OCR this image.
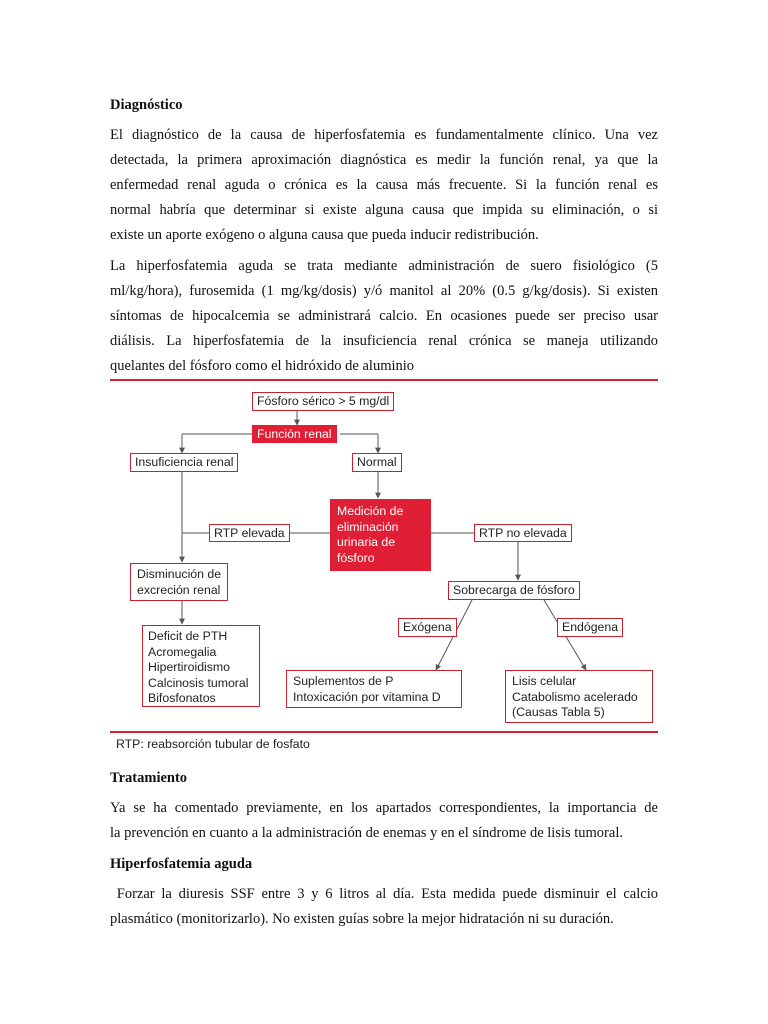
Diagnóstico
El diagnóstico de la causa de hiperfosfatemia es fundamentalmente clínico. Una vez
detectada, la primera aproximación diagnóstica es medir la función renal, ya que la
enfermedad renal aguda o crónica es la causa más frecuente. Si la función renal es
normal habría que determinar si existe alguna causa que impida su eliminación, o si
existe un aporte exógeno o alguna causa que pueda inducir redistribución.
La hiperfosfatemia aguda se trata mediante administración de suero fisiológico (5
ml/kg/hora), furosemida (1 mg/kg/dosis) y/ó manitol al 20% (0.5 g/kg/dosis). Si existen
síntomas de hipocalcemia se administrará calcio. En ocasiones puede ser preciso usar
diálisis. La hiperfosfatemia de la insuficiencia renal crónica se maneja utilizando
quelantes del fósforo como el hidróxido de aluminio
Fósforo sérico > 5 mg/dl
Función renal
Insuficiencia renal	Normal
Medición de
eliminación
urinaria de
fósforo
RTP elevada	RTP no elevada
Disminución de
excreción renal	Sobrecarga de fósforo
Deficit de PTH
Acromegalia
Hipertiroidismo
Calcinosis tumoral
Bifosfonatos
Exógena	Endógena
Suplementos de P
Intoxicación por vitamina D
Lisis celular
Catabolismo acelerado
(Causas Tabla 5)
RTP: reabsorción tubular de fosfato
Tratamiento
Ya se ha comentado previamente, en los apartados correspondientes, la importancia de
la prevención en cuanto a la administración de enemas y en el síndrome de lisis tumoral.
Hiperfosfatemia aguda
Forzar la diuresis SSF entre 3 y 6 litros al día. Esta medida puede disminuir el calcio
plasmático (monitorizarlo). No existen guías sobre la mejor hidratación ni su duración.
